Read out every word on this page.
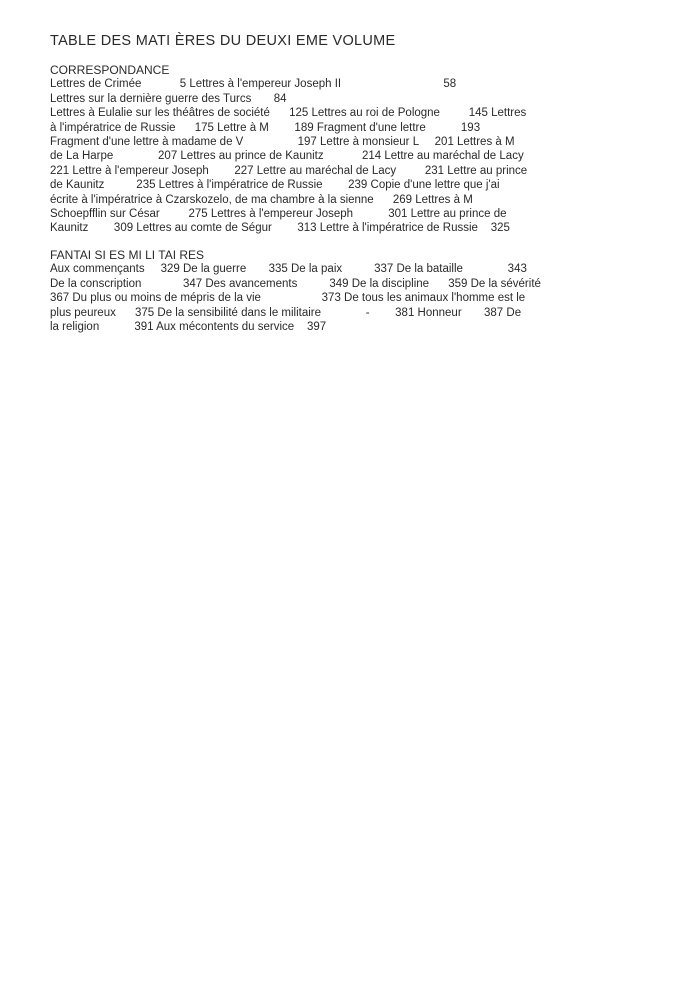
TABLE DES MATI ÈRES DU DEUXI EME VOLUME
CORRESPONDANCE
Lettres de Crimée            5 Lettres à l'empereur Joseph II                                58
Lettres sur la dernière guerre des Turcs       84
Lettres à Eulalie sur les théâtres de société      125 Lettres au roi de Pologne         145 Lettres
à l'impératrice de Russie      175 Lettre à M        189 Fragment d'une lettre           193
Fragment d'une lettre à madame de V                 197 Lettre à monsieur L     201 Lettres à M
de La Harpe              207 Lettres au prince de Kaunitz            214 Lettre au maréchal de Lacy
221 Lettre à l'empereur Joseph        227 Lettre au maréchal de Lacy         231 Lettre au prince
de Kaunitz          235 Lettres à l'impératrice de Russie        239 Copie d'une lettre que j'ai
écrite à l'impératrice à Czarskozelo, de ma chambre à la sienne      269 Lettres à M
Schoepfflin sur César         275 Lettres à l'empereur Joseph           301 Lettre au prince de
Kaunitz        309 Lettres au comte de Ségur        313 Lettre à l'impératrice de Russie    325
FANTAI SI ES MI LI TAI RES
Aux commençants     329 De la guerre       335 De la paix          337 De la bataille              343
De la conscription             347 Des avancements          349 De la discipline      359 De la sévérité
367 Du plus ou moins de mépris de la vie                   373 De tous les animaux l'homme est le
plus peureux      375 De la sensibilité dans le militaire              -        381 Honneur       387 De
la religion           391 Aux mécontents du service    397
